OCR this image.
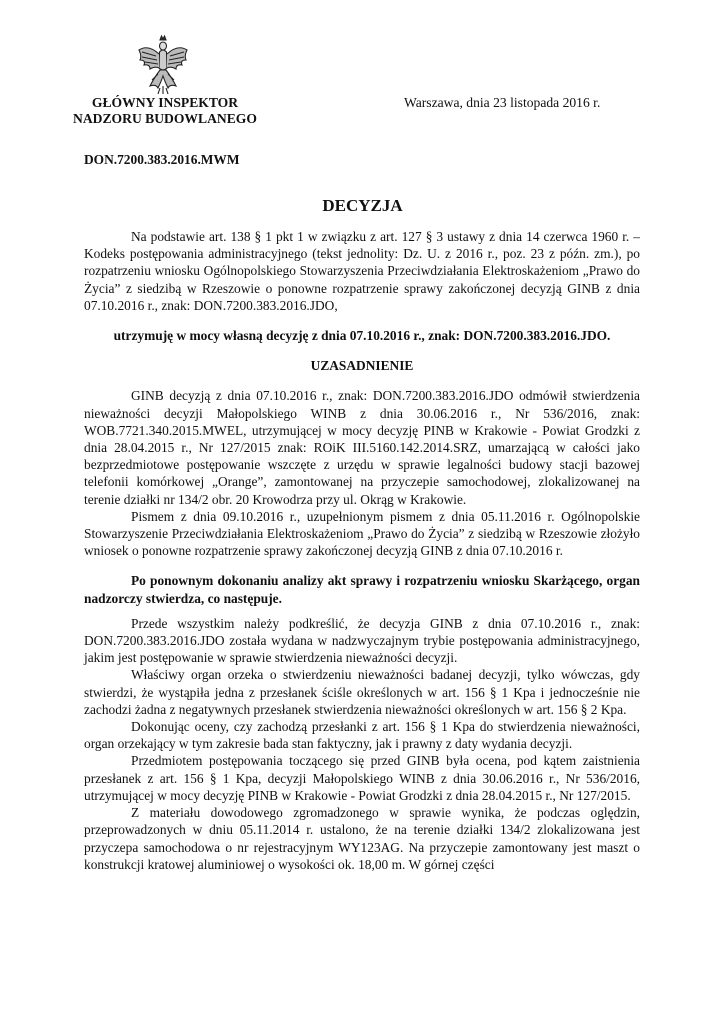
GŁÓWNY INSPEKTOR
NADZORU BUDOWLANEGO
Warszawa, dnia 23 listopada 2016 r.
DON.7200.383.2016.MWM
DECYZJA

Na podstawie art. 138 § 1 pkt 1 w związku z art. 127 § 3 ustawy z dnia 14 czerwca 1960 r. – Kodeks postępowania administracyjnego (tekst jednolity: Dz. U. z 2016 r., poz. 23 z późn. zm.), po rozpatrzeniu wniosku Ogólnopolskiego Stowarzyszenia Przeciwdziałania Elektroskażeniom „Prawo do Życia” z siedzibą w Rzeszowie o ponowne rozpatrzenie sprawy zakończonej decyzją GINB z dnia 07.10.2016 r., znak: DON.7200.383.2016.JDO,

utrzymuję w mocy własną decyzję z dnia 07.10.2016 r., znak: DON.7200.383.2016.JDO.

UZASADNIENIE

GINB decyzją z dnia 07.10.2016 r., znak: DON.7200.383.2016.JDO odmówił stwierdzenia nieważności decyzji Małopolskiego WINB z dnia 30.06.2016 r., Nr 536/2016, znak: WOB.7721.340.2015.MWEL, utrzymującej w mocy decyzję PINB w Krakowie - Powiat Grodzki z dnia 28.04.2015 r., Nr 127/2015 znak: ROiK III.5160.142.2014.SRZ, umarzającą w całości jako bezprzedmiotowe postępowanie wszczęte z urzędu w sprawie legalności budowy stacji bazowej telefonii komórkowej „Orange”, zamontowanej na przyczepie samochodowej, zlokalizowanej na terenie działki nr 134/2 obr. 20 Krowodrza przy ul. Okrąg w Krakowie.

Pismem z dnia 09.10.2016 r., uzupełnionym pismem z dnia 05.11.2016 r. Ogólnopolskie Stowarzyszenie Przeciwdziałania Elektroskażeniom „Prawo do Życia” z siedzibą w Rzeszowie złożyło wniosek o ponowne rozpatrzenie sprawy zakończonej decyzją GINB z dnia 07.10.2016 r.

Po ponownym dokonaniu analizy akt sprawy i rozpatrzeniu wniosku Skarżącego, organ nadzorczy stwierdza, co następuje.

Przede wszystkim należy podkreślić, że decyzja GINB z dnia 07.10.2016 r., znak: DON.7200.383.2016.JDO została wydana w nadzwyczajnym trybie postępowania administracyjnego, jakim jest postępowanie w sprawie stwierdzenia nieważności decyzji.

Właściwy organ orzeka o stwierdzeniu nieważności badanej decyzji, tylko wówczas, gdy stwierdzi, że wystąpiła jedna z przesłanek ściśle określonych w art. 156 § 1 Kpa i jednocześnie nie zachodzi żadna z negatywnych przesłanek stwierdzenia nieważności określonych w art. 156 § 2 Kpa.

Dokonując oceny, czy zachodzą przesłanki z art. 156 § 1 Kpa do stwierdzenia nieważności, organ orzekający w tym zakresie bada stan faktyczny, jak i prawny z daty wydania decyzji.

Przedmiotem postępowania toczącego się przed GINB była ocena, pod kątem zaistnienia przesłanek z art. 156 § 1 Kpa, decyzji Małopolskiego WINB z dnia 30.06.2016 r., Nr 536/2016, utrzymującej w mocy decyzję PINB w Krakowie - Powiat Grodzki z dnia 28.04.2015 r., Nr 127/2015.

Z materiału dowodowego zgromadzonego w sprawie wynika, że podczas oględzin, przeprowadzonych w dniu 05.11.2014 r. ustalono, że na terenie działki 134/2 zlokalizowana jest przyczepa samochodowa o nr rejestracyjnym WY123AG. Na przyczepie zamontowany jest maszt o konstrukcji kratowej aluminiowej o wysokości ok. 18,00 m. W górnej części
